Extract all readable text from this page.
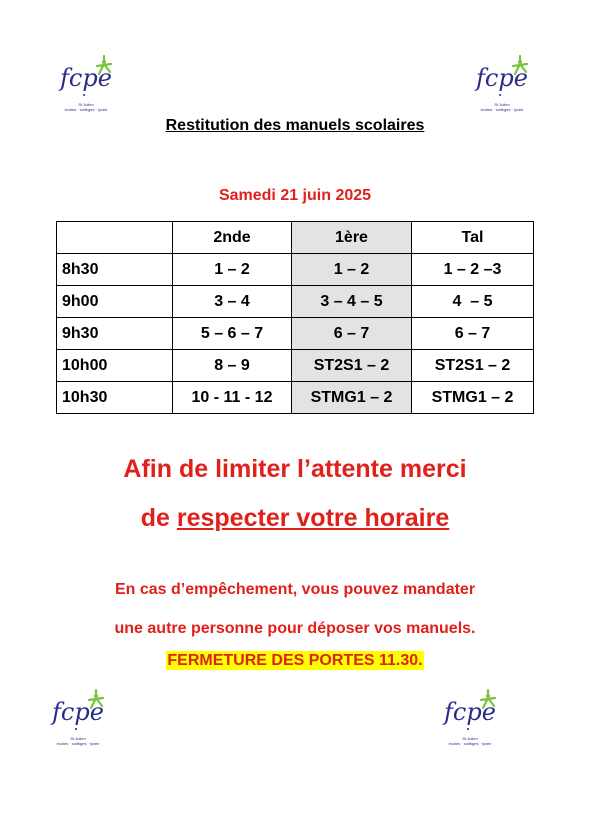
fcpe
St Julien
écoles · collèges · lycée
fcpe
St Julien
écoles · collèges · lycée
Restitution des manuels scolaires
Samedi 21 juin 2025
	2nde	1ère	Tal
8h30	1 – 2	1 – 2	1 – 2 –3
9h00	3 – 4	3 – 4 – 5	4  – 5
9h30	5 – 6 – 7	6 – 7	6 – 7
10h00	8 – 9	ST2S1 – 2	ST2S1 – 2
10h30	10 - 11 - 12	STMG1 – 2	STMG1 – 2
Afin de limiter l’attente merci
de respecter votre horaire
En cas d’empêchement, vous pouvez mandater
une autre personne pour déposer vos manuels.
FERMETURE DES PORTES 11.30.
fcpe
St Julien
écoles · collèges · lycée
fcpe
St Julien
écoles · collèges · lycée
